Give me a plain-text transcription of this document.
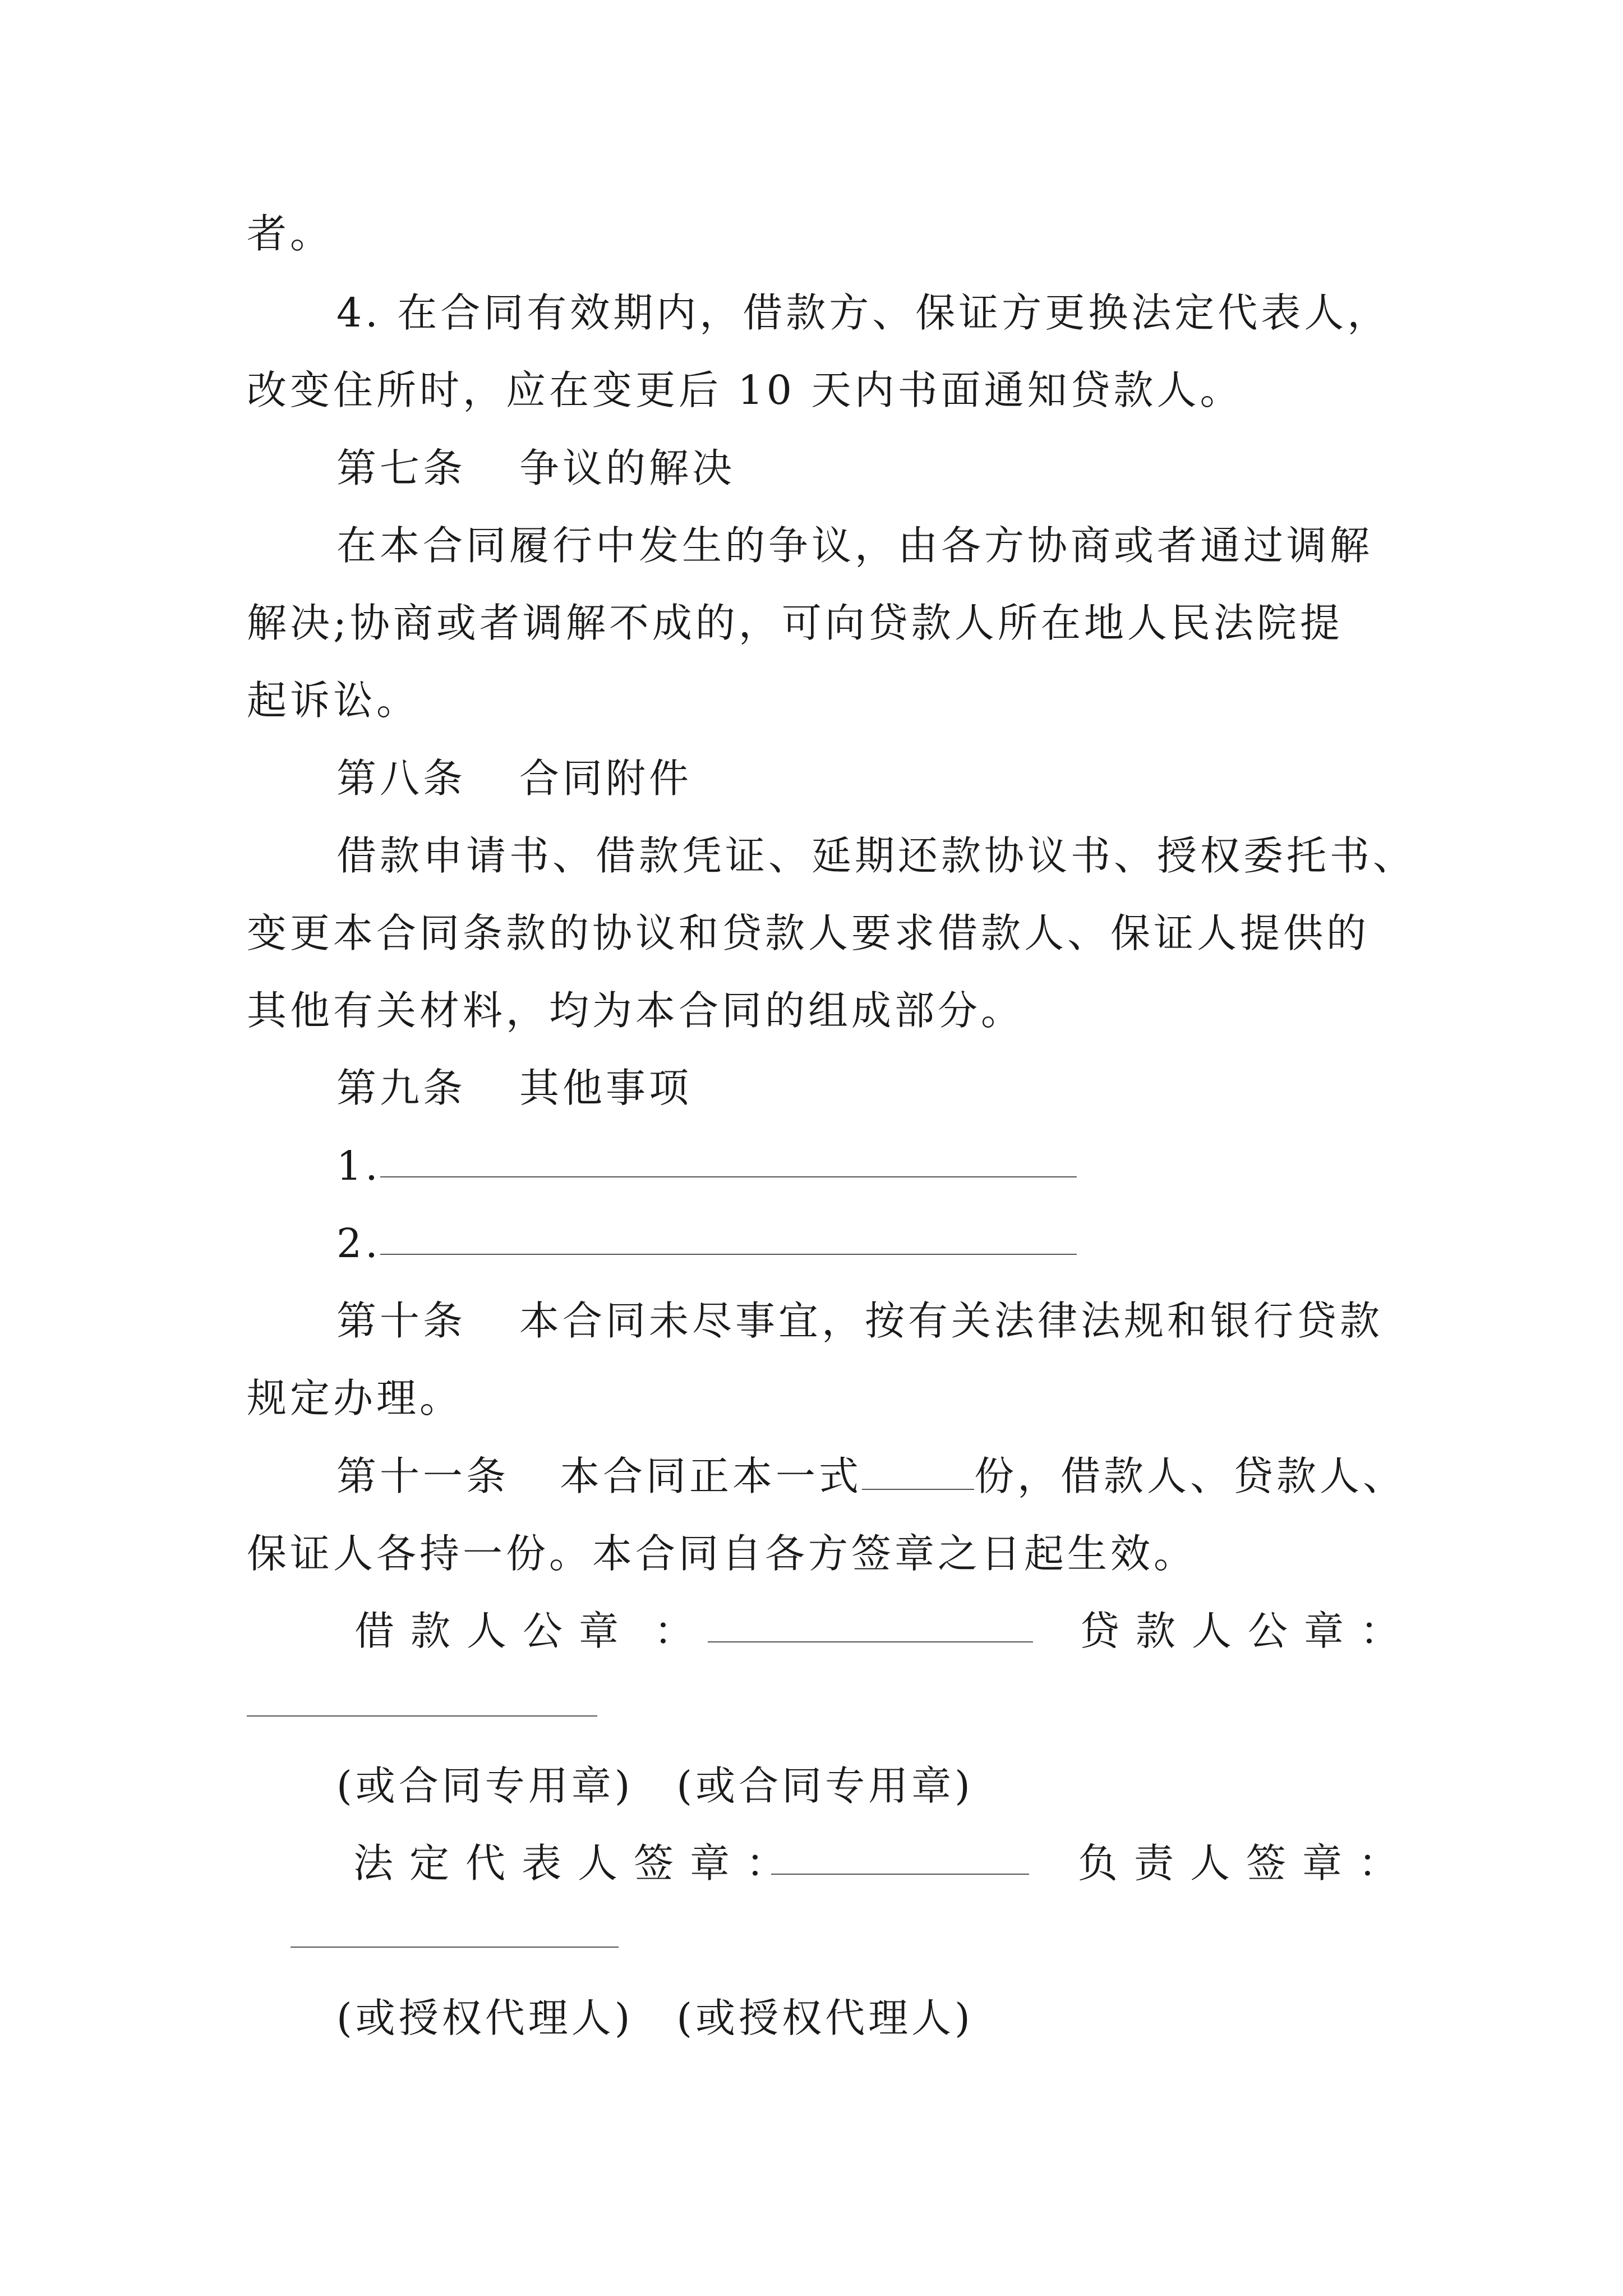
者。
4. 在合同有效期内，借款方、保证方更换法定代表人，
改变住所时，应在变更后 10 天内书面通知贷款人。
第七条 争议的解决
在本合同履行中发生的争议，由各方协商或者通过调解
解决;协商或者调解不成的，可向贷款人所在地人民法院提
起诉讼。
第八条 合同附件
借款申请书、借款凭证、延期还款协议书、授权委托书、
变更本合同条款的协议和贷款人要求借款人、保证人提供的
其他有关材料，均为本合同的组成部分。
第九条 其他事项
1.
2.
第十条 本合同未尽事宜，按有关法律法规和银行贷款
规定办理。
第十一条 本合同正本一式	份，借款人、贷款人、
保证人各持一份。本合同自各方签章之日起生效。
借款人公章 ：	贷款人公章：
(或合同专用章)　(或合同专用章)
法定代表人签章：	负责人签章：
(或授权代理人)　(或授权代理人)
